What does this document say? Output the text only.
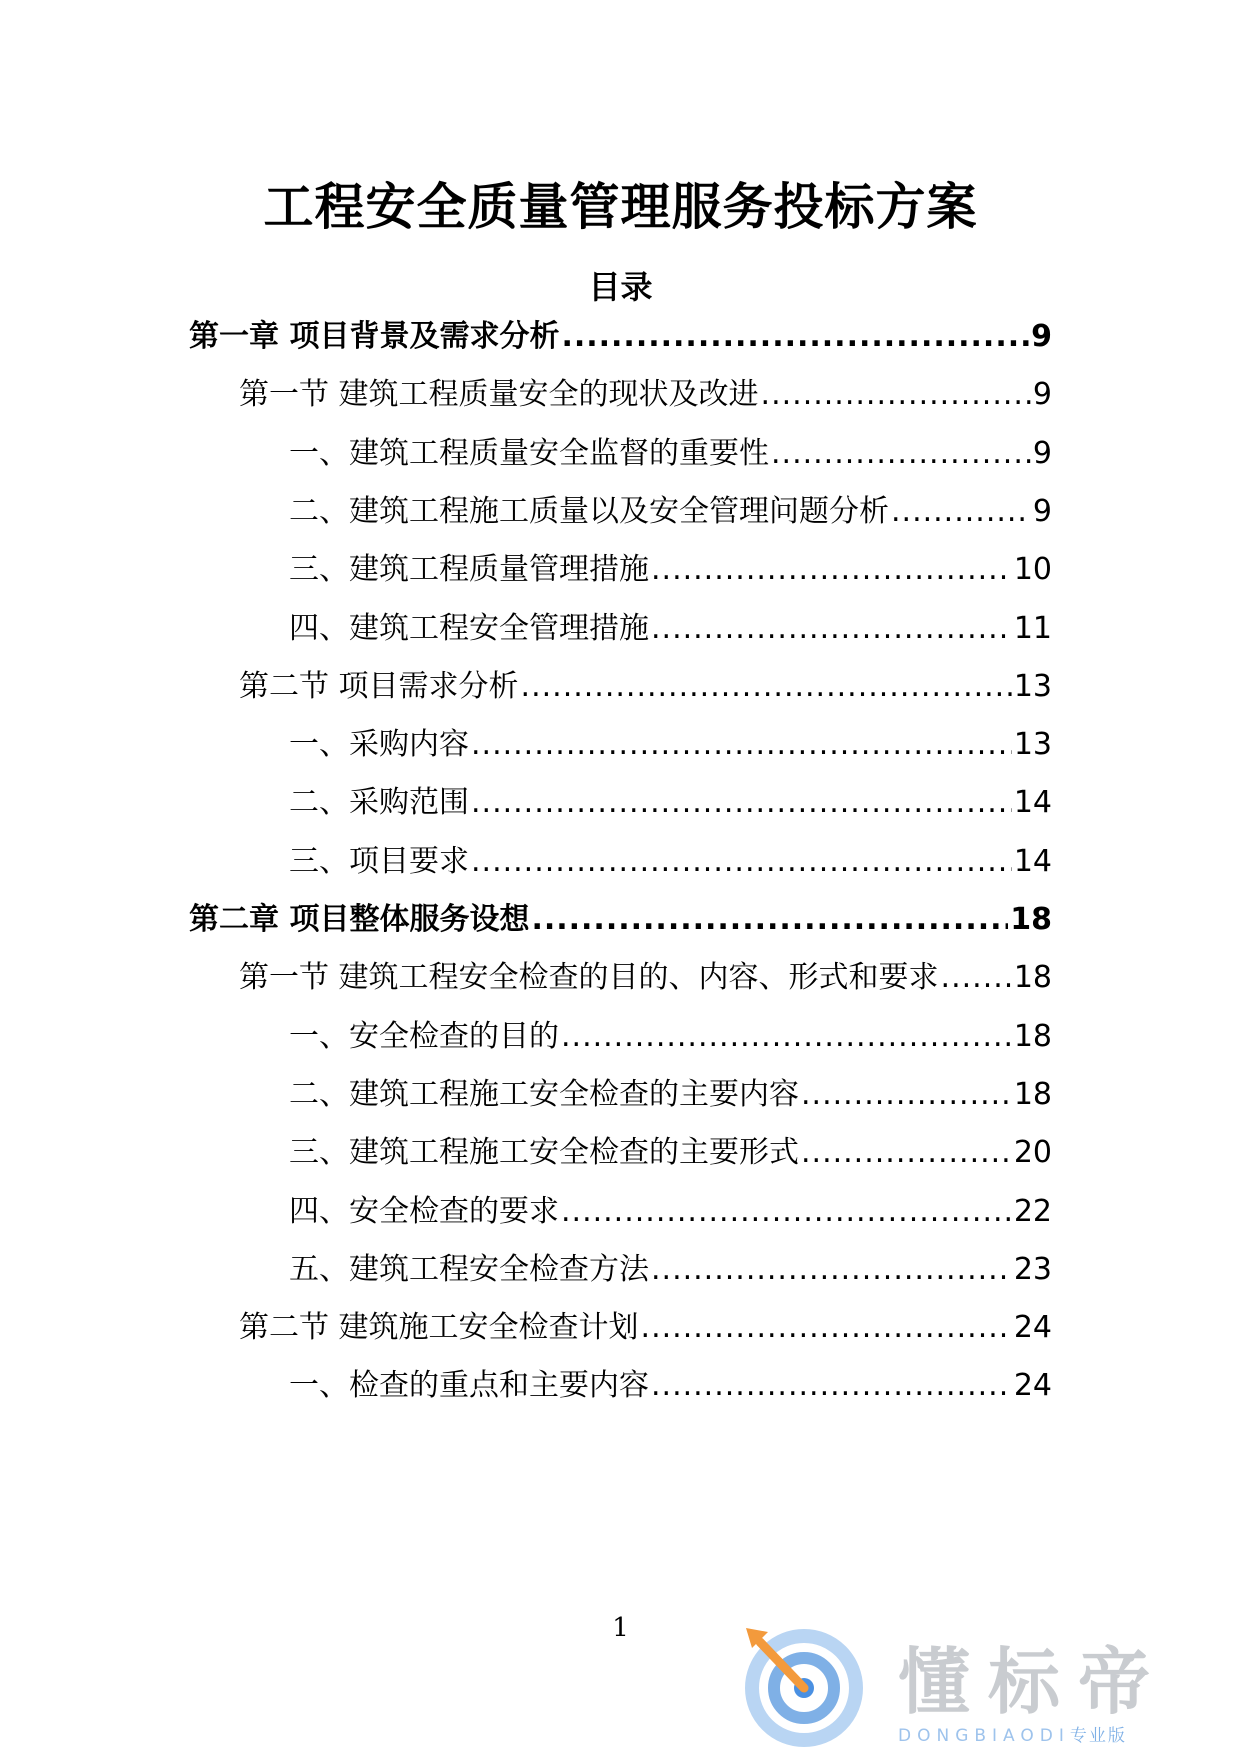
工程安全质量管理服务投标方案
目录
第一章 项目背景及需求分析 .....	9
第一节 建筑工程质量安全的现状及改进 .....	9
一、建筑工程质量安全监督的重要性 .....	9
二、建筑工程施工质量以及安全管理问题分析 .....	9
三、建筑工程质量管理措施 .....	10
四、建筑工程安全管理措施 .....	11
第二节 项目需求分析 .....	13
一、采购内容 .....	13
二、采购范围 .....	14
三、项目要求 .....	14
第二章 项目整体服务设想 .....	18
第一节 建筑工程安全检查的目的、内容、形式和要求 .....	18
一、安全检查的目的 .....	18
二、建筑工程施工安全检查的主要内容 .....	18
三、建筑工程施工安全检查的主要形式 .....	20
四、安全检查的要求 .....	22
五、建筑工程安全检查方法 .....	23
第二节 建筑施工安全检查计划 .....	24
一、检查的重点和主要内容 .....	24
1
懂标帝
DONGBIAODI专业版
